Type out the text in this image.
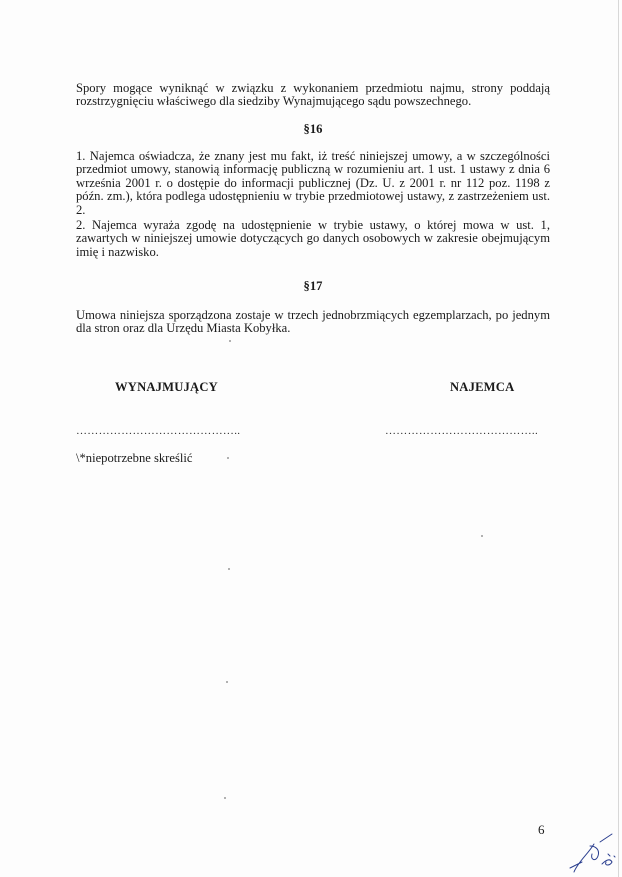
Spory mogące wyniknąć w związku z wykonaniem przedmiotu najmu, strony poddają rozstrzygnięciu właściwego dla siedziby Wynajmującego sądu powszechnego.

§16

1. Najemca oświadcza, że znany jest mu fakt, iż treść niniejszej umowy, a w szczególności przedmiot umowy, stanowią informację publiczną w rozumieniu art. 1 ust. 1 ustawy z dnia 6 września 2001 r. o dostępie do informacji publicznej (Dz. U. z 2001 r. nr 112 poz. 1198 z późn. zm.), która podlega udostępnieniu w trybie przedmiotowej ustawy, z zastrzeżeniem ust. 2.

2. Najemca wyraża zgodę na udostępnienie w trybie ustawy, o której mowa w ust. 1, zawartych w niniejszej umowie dotyczących go danych osobowych w zakresie obejmującym imię i nazwisko.

§17

Umowa niniejsza sporządzona zostaje w trzech jednobrzmiących egzemplarzach, po jednym dla stron oraz dla Urzędu Miasta Kobyłka.

WYNAJMUJĄCY	NAJEMCA
……………………………………..	…………………………………..
\*niepotrzebne skreślić
6
